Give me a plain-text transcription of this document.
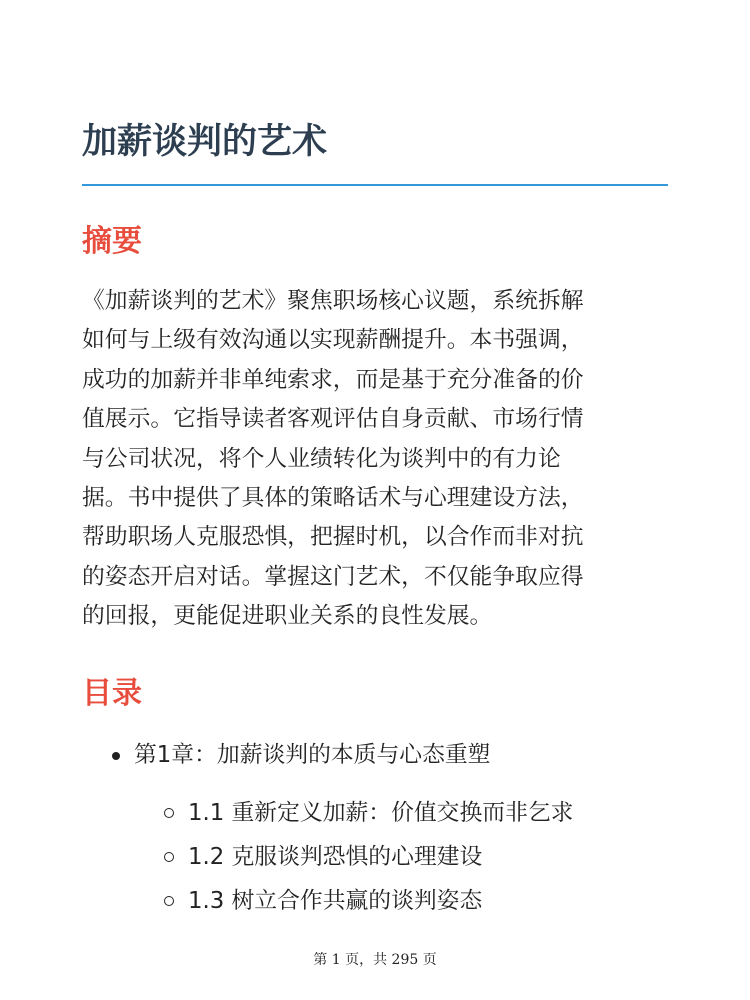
加薪谈判的艺术
摘要

《加薪谈判的艺术》聚焦职场核心议题，系统拆解
如何与上级有效沟通以实现薪酬提升。本书强调，
成功的加薪并非单纯索求，而是基于充分准备的价
值展示。它指导读者客观评估自身贡献、市场行情
与公司状况，将个人业绩转化为谈判中的有力论
据。书中提供了具体的策略话术与心理建设方法，
帮助职场人克服恐惧，把握时机，以合作而非对抗
的姿态开启对话。掌握这门艺术，不仅能争取应得
的回报，更能促进职业关系的良性发展。

目录
第1章：加薪谈判的本质与心态重塑
1.1 重新定义加薪：价值交换而非乞求
1.2 克服谈判恐惧的心理建设
1.3 树立合作共赢的谈判姿态
第 1 页，共 295 页
